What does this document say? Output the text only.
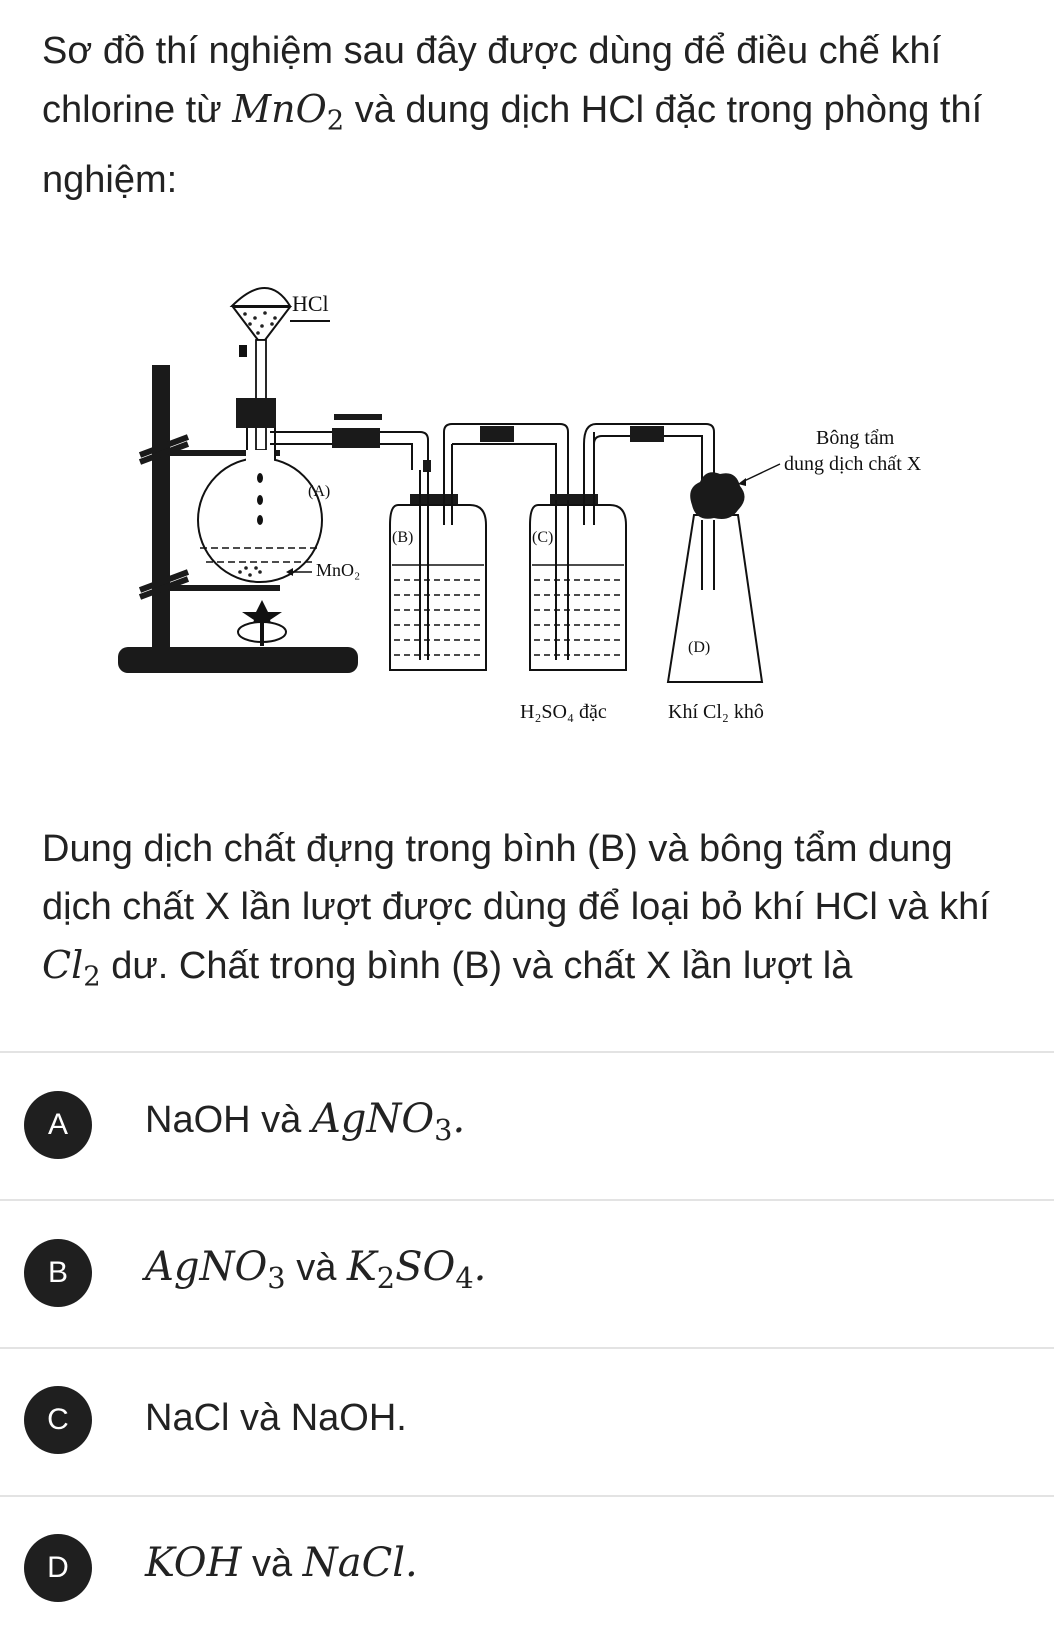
Sơ đồ thí nghiệm sau đây được dùng để điều chế khí chlorine từ MnO$_2$ và dung dịch HCl đặc trong phòng thí nghiệm:
HCl
(A)
MnO₂
(B)	(C)
(D)
Bông tẩm
dung dịch chất X
H₂SO₄ đặc	Khí Cl₂ khô
Dung dịch chất đựng trong bình (B) và bông tẩm dung dịch chất X lần lượt được dùng để loại bỏ khí HCl và khí $Cl_2$ dư. Chất trong bình (B) và chất X lần lượt là
A	NaOH và AgNO$_3$.
B	AgNO$_3$ và $K_2SO_4$.
C	NaCl và NaOH.
D	KOH và NaCl.
